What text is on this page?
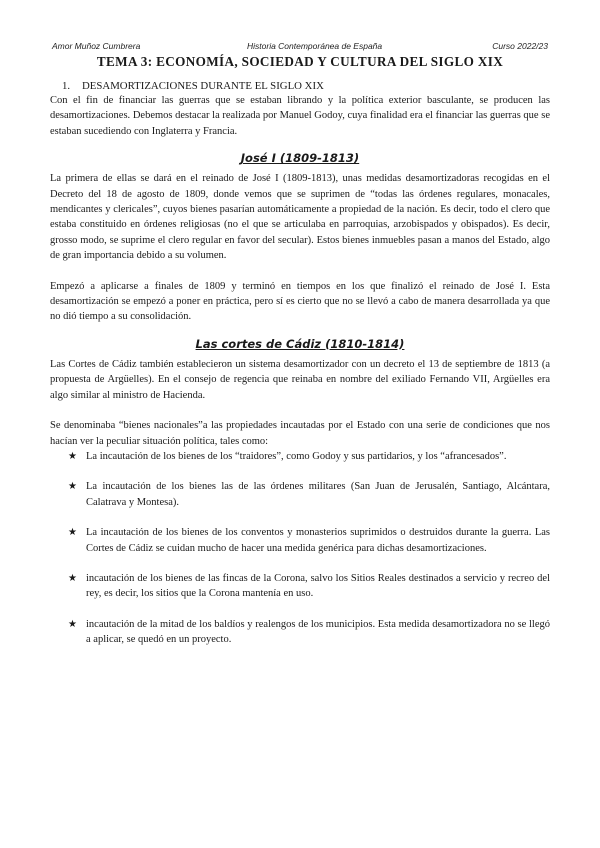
Amor Muñoz Cumbrera	Historia Contemporánea de España	Curso 2022/23
TEMA 3: ECONOMÍA, SOCIEDAD Y CULTURA DEL SIGLO XIX
1. DESAMORTIZACIONES DURANTE EL SIGLO XIX

Con el fin de financiar las guerras que se estaban librando y la política exterior basculante, se producen las desamortizaciones. Debemos destacar la realizada por Manuel Godoy, cuya finalidad era el financiar las guerras que se estaban sucediendo con Inglaterra y Francia.

José I (1809-1813)

La primera de ellas se dará en el reinado de José I (1809-1813), unas medidas desamortizadoras recogidas en el Decreto del 18 de agosto de 1809, donde vemos que se suprimen de “todas las órdenes regulares, monacales, mendicantes y clericales”, cuyos bienes pasarían automáticamente a propiedad de la nación. Es decir, todo el clero que estaba constituido en órdenes religiosas (no el que se articulaba en parroquias, arzobispados y obispados). Es decir, grosso modo, se suprime el clero regular en favor del secular). Estos bienes inmuebles pasan a manos del Estado, algo de gran importancia debido a su volumen.

Empezó a aplicarse a finales de 1809 y terminó en tiempos en los que finalizó el reinado de José I. Esta desamortización se empezó a poner en práctica, pero sí es cierto que no se llevó a cabo de manera desarrollada ya que no dió tiempo a su consolidación.

Las cortes de Cádiz (1810-1814)

Las Cortes de Cádiz también establecieron un sistema desamortizador con un decreto el 13 de septiembre de 1813 (a propuesta de Argüelles). En el consejo de regencia que reinaba en nombre del exiliado Fernando VII, Argüelles era algo similar al ministro de Hacienda.

Se denominaba “bienes nacionales”a las propiedades incautadas por el Estado con una serie de condiciones que nos hacían ver la peculiar situación política, tales como:

★ La incautación de los bienes de los “traidores”, como Godoy y sus partidarios, y los “afrancesados”.
★ La incautación de los bienes las de las órdenes militares (San Juan de Jerusalén, Santiago, Alcántara, Calatrava y Montesa).
★ La incautación de los bienes de los conventos y monasterios suprimidos o destruidos durante la guerra. Las Cortes de Cádiz se cuidan mucho de hacer una medida genérica para dichas desamortizaciones.
★ incautación de los bienes de las fincas de la Corona, salvo los Sitios Reales destinados a servicio y recreo del rey, es decir, los sitios que la Corona mantenía en uso.
★ incautación de la mitad de los baldíos y realengos de los municipios. Esta medida desamortizadora no se llegó a aplicar, se quedó en un proyecto.
